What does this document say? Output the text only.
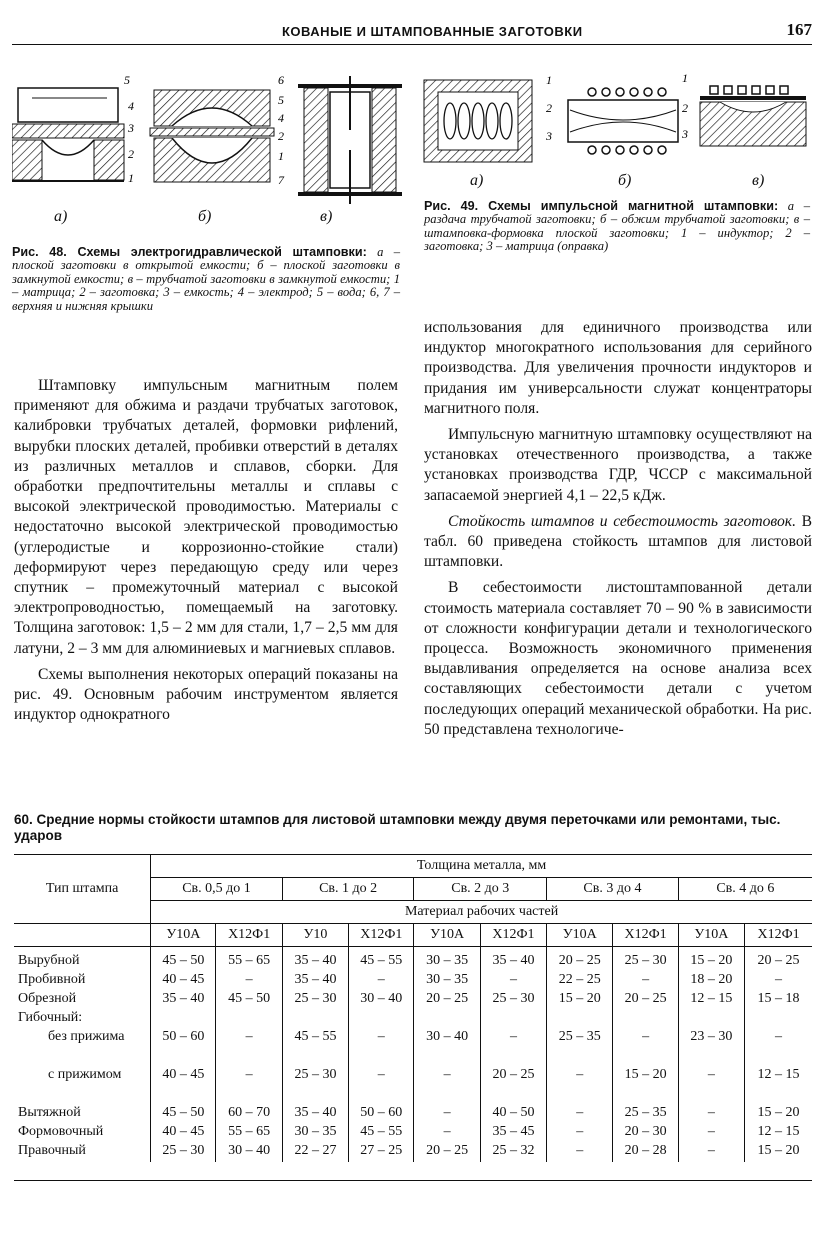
КОВАНЫЕ И ШТАМПОВАННЫЕ ЗАГОТОВКИ	167
5
4
3
2
1
6
5
4
2
1
7
а)	б)	в)
Рис. 48. Схемы электрогидравлической штамповки: а – плоской заготовки в открытой емкости; б – плоской заготовки в замкнутой емкости; в – трубчатой заготовки в замкнутой емкости; 1 – матрица; 2 – заготовка; 3 – емкость; 4 – электрод; 5 – вода; 6, 7 – верхняя и нижняя крышки
1
2
3
1
2
3
а)	б)	в)
Рис. 49. Схемы импульсной магнитной штамповки: а – раздача трубчатой заготовки; б – обжим трубчатой заготовки; в – штамповка-формовка плоской заготовки; 1 – индуктор; 2 – заготовка; 3 – матрица (оправка)

Штамповку импульсным магнитным полем применяют для обжима и раздачи трубчатых заготовок, калибровки трубчатых деталей, формовки рифлений, вырубки плоских деталей, пробивки отверстий в деталях из различных металлов и сплавов, сборки. Для обработки предпочтительны металлы и сплавы с высокой электрической проводимостью. Материалы с недостаточно высокой электрической проводимостью (углеродистые и коррозионно-стойкие стали) деформируют через передающую среду или через спутник – промежуточный материал с высокой электропроводностью, помещаемый на заготовку. Толщина заготовок: 1,5 – 2 мм для стали, 1,7 – 2,5 мм для латуни, 2 – 3 мм для алюминиевых и магниевых сплавов.

Схемы выполнения некоторых операций показаны на рис. 49. Основным рабочим инструментом является индуктор однократного

использования для единичного производства или индуктор многократного использования для серийного производства. Для увеличения прочности индукторов и придания им универсальности служат концентраторы магнитного поля.

Импульсную магнитную штамповку осуществляют на установках отечественного производства, а также установках производства ГДР, ЧССР с максимальной запасаемой энергией 4,1 – 22,5 кДж.

Стойкость штампов и себестоимость заготовок. В табл. 60 приведена стойкость штампов для листовой штамповки.

В себестоимости листоштампованной детали стоимость материала составляет 70 – 90 % в зависимости от сложности конфигурации детали и технологического процесса. Возможность экономичного применения выдавливания определяется на основе анализа всех составляющих себестоимости детали с учетом последующих операций механической обработки. На рис. 50 представлена технологиче-

60. Средние нормы стойкости штампов для листовой штамповки между двумя переточками или ремонтами, тыс. ударов
Тип штампа	Толщина металла, мм									
	Св. 0,5 до 1		Св. 1 до 2		Св. 2 до 3		Св. 3 до 4		Св. 4 до 6	
	Материал рабочих частей									
	У10А	Х12Ф1	У10	Х12Ф1	У10А	Х12Ф1	У10А	Х12Ф1	У10А	Х12Ф1
Вырубной	45 – 50	55 – 65	35 – 40	45 – 55	30 – 35	35 – 40	20 – 25	25 – 30	15 – 20	20 – 25
Пробивной	40 – 45	–	35 – 40	–	30 – 35	–	22 – 25	–	18 – 20	–
Обрезной	35 – 40	45 – 50	25 – 30	30 – 40	20 – 25	25 – 30	15 – 20	20 – 25	12 – 15	15 – 18
Гибочный:										
без прижима	50 – 60	–	45 – 55	–	30 – 40	–	25 – 35	–	23 – 30	–
с прижимом	40 – 45	–	25 – 30	–	–	20 – 25	–	15 – 20	–	12 – 15
Вытяжной	45 – 50	60 – 70	35 – 40	50 – 60	–	40 – 50	–	25 – 35	–	15 – 20
Формовочный	40 – 45	55 – 65	30 – 35	45 – 55	–	35 – 45	–	20 – 30	–	12 – 15
Правочный	25 – 30	30 – 40	22 – 27	27 – 25	20 – 25	25 – 32	–	20 – 28	–	15 – 20
